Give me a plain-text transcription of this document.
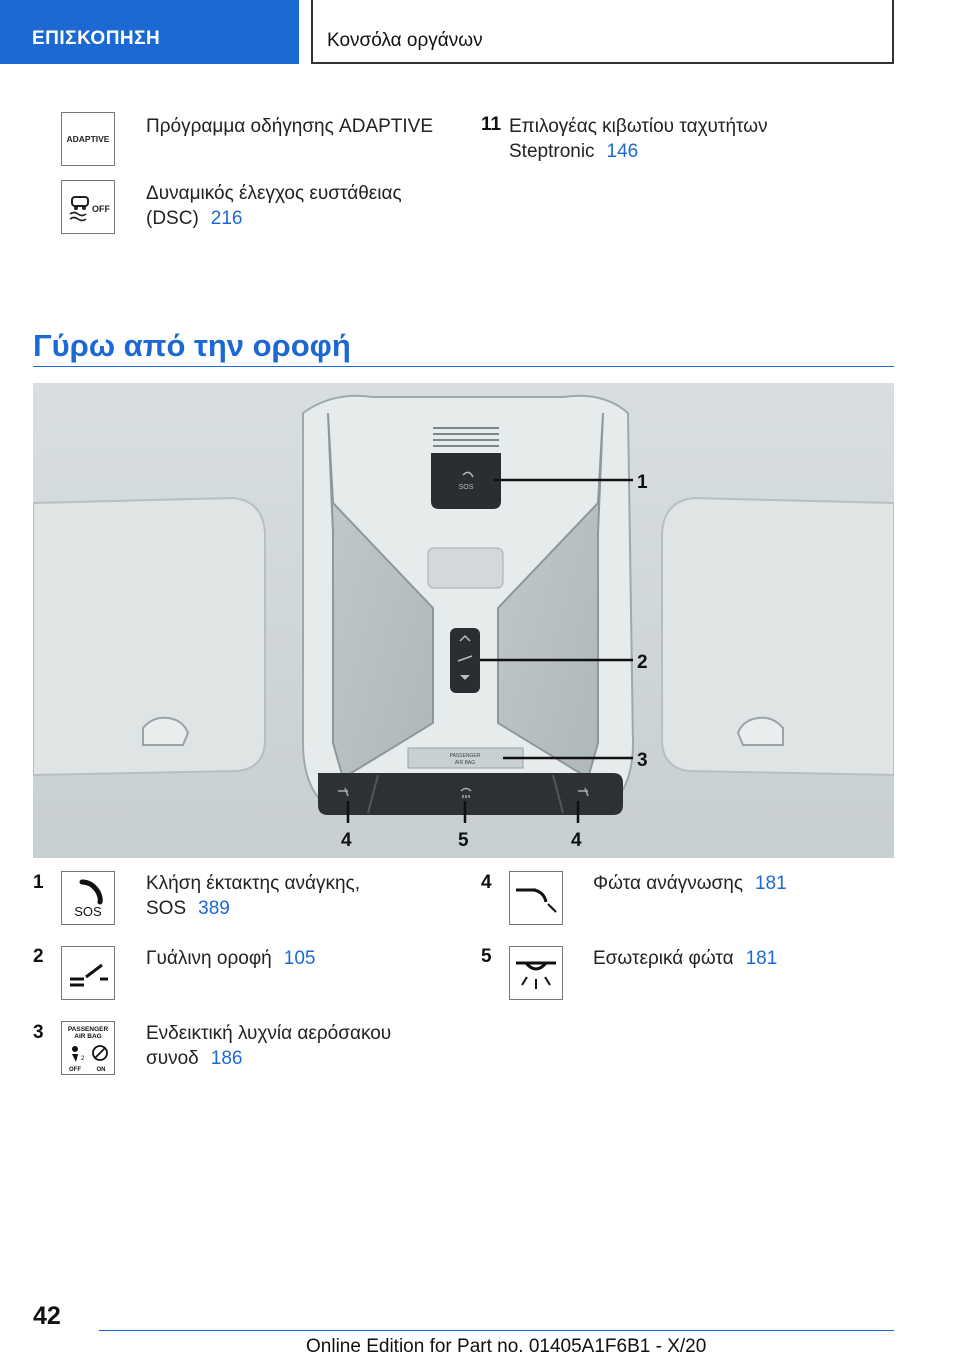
ΕΠΙΣΚΟΠΗΣΗ	Κονσόλα οργάνων
ADAPTIVE
Πρόγραμμα οδήγησης ADAPTIVE
OFF
Δυναμικός έλεγχος ευστάθειας
(DSC) 216
11 Επιλογέας κιβωτίου ταχυτήτων
Steptronic 146
Γύρω από την οροφή
SOS
PASSENGER
AIR BAG
1
2
3
4	5	4
1
SOS
Κλήση έκτακτης ανάγκης,
SOS 389
2	Γυάλινη οροφή 105
3	PASSENGER
AIR BAG
2
OFF	ON
Ενδεικτική λυχνία αερόσακου
συνοδ 186
4	Φώτα ανάγνωσης 181
5	Εσωτερικά φώτα 181
42
Online Edition for Part no. 01405A1F6B1 - X/20
